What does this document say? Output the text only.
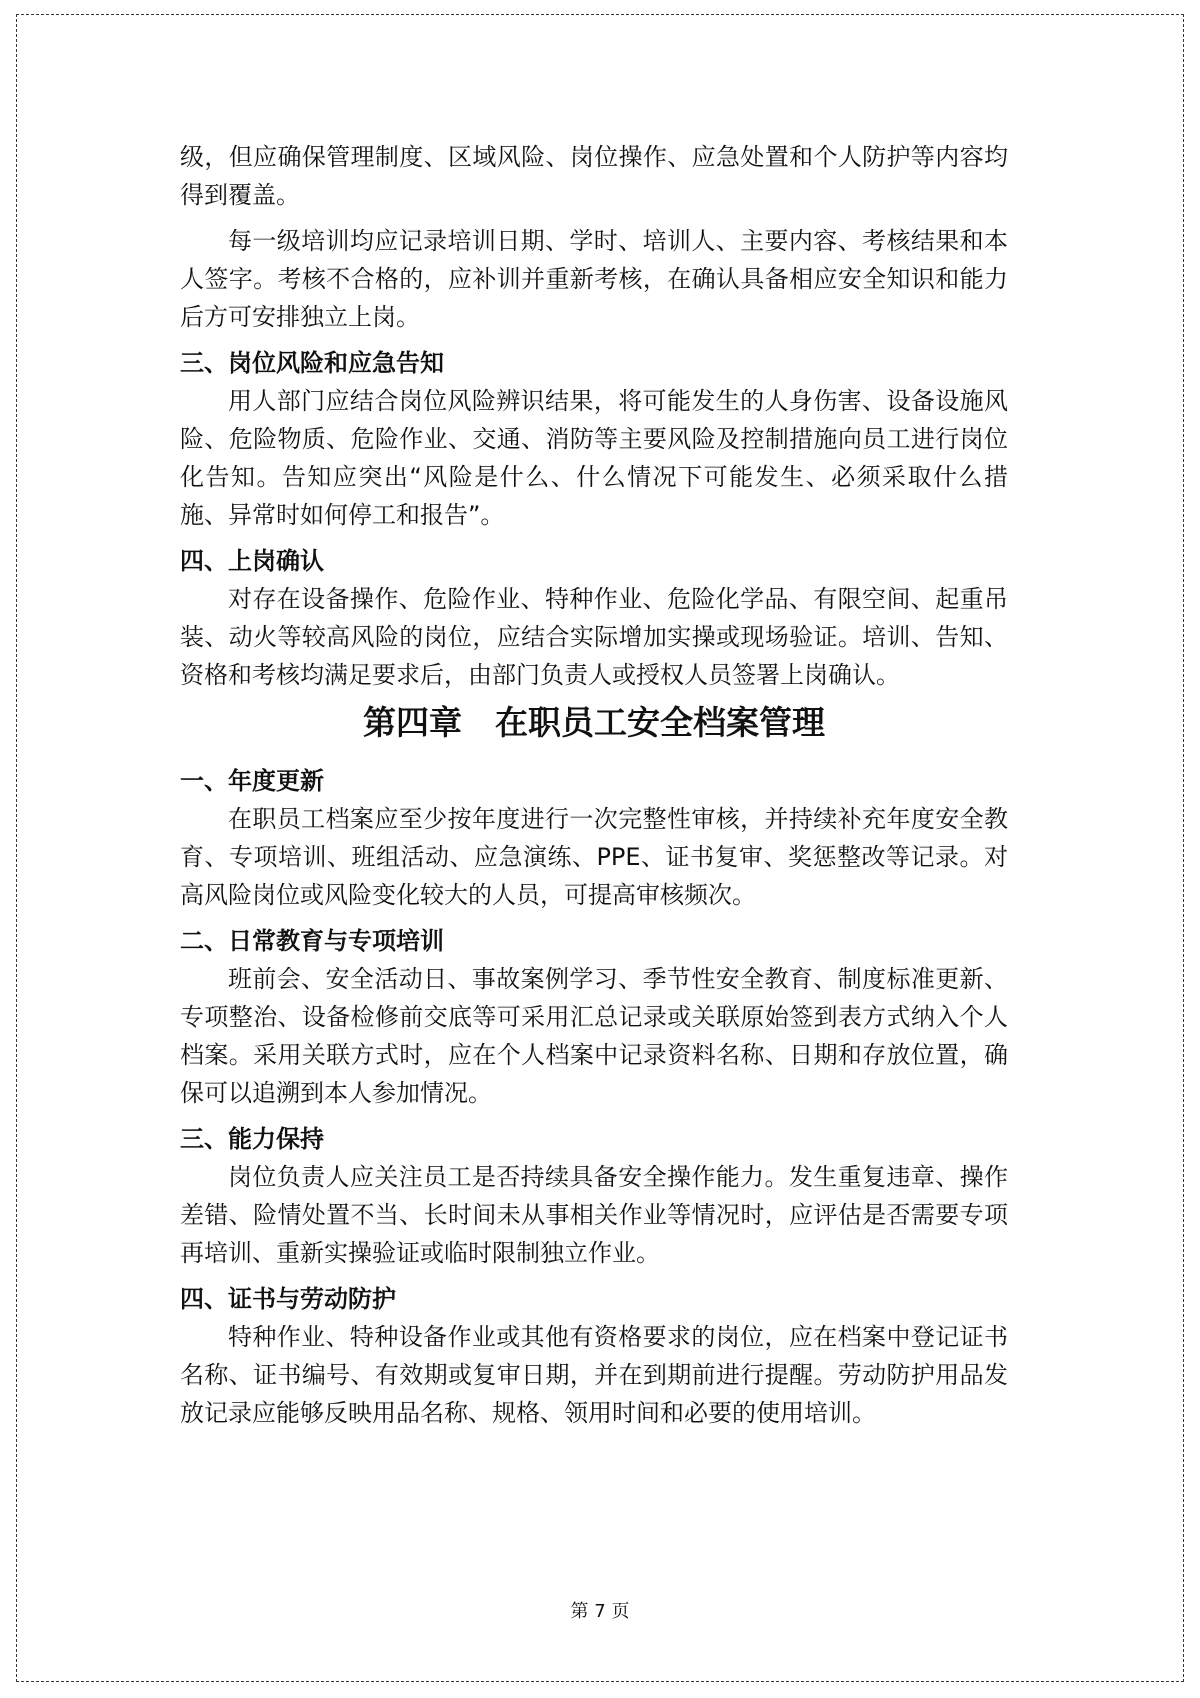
级，但应确保管理制度、区域风险、岗位操作、应急处置和个人防护等内容均得到覆盖。

每一级培训均应记录培训日期、学时、培训人、主要内容、考核结果和本人签字。考核不合格的，应补训并重新考核，在确认具备相应安全知识和能力后方可安排独立上岗。

三、岗位风险和应急告知

用人部门应结合岗位风险辨识结果，将可能发生的人身伤害、设备设施风险、危险物质、危险作业、交通、消防等主要风险及控制措施向员工进行岗位化告知。告知应突出“风险是什么、什么情况下可能发生、必须采取什么措施、异常时如何停工和报告”。

四、上岗确认

对存在设备操作、危险作业、特种作业、危险化学品、有限空间、起重吊装、动火等较高风险的岗位，应结合实际增加实操或现场验证。培训、告知、资格和考核均满足要求后，由部门负责人或授权人员签署上岗确认。

第四章　在职员工安全档案管理

一、年度更新

在职员工档案应至少按年度进行一次完整性审核，并持续补充年度安全教育、专项培训、班组活动、应急演练、PPE、证书复审、奖惩整改等记录。对高风险岗位或风险变化较大的人员，可提高审核频次。

二、日常教育与专项培训

班前会、安全活动日、事故案例学习、季节性安全教育、制度标准更新、专项整治、设备检修前交底等可采用汇总记录或关联原始签到表方式纳入个人档案。采用关联方式时，应在个人档案中记录资料名称、日期和存放位置，确保可以追溯到本人参加情况。

三、能力保持

岗位负责人应关注员工是否持续具备安全操作能力。发生重复违章、操作差错、险情处置不当、长时间未从事相关作业等情况时，应评估是否需要专项再培训、重新实操验证或临时限制独立作业。

四、证书与劳动防护

特种作业、特种设备作业或其他有资格要求的岗位，应在档案中登记证书名称、证书编号、有效期或复审日期，并在到期前进行提醒。劳动防护用品发放记录应能够反映用品名称、规格、领用时间和必要的使用培训。

第 7 页
